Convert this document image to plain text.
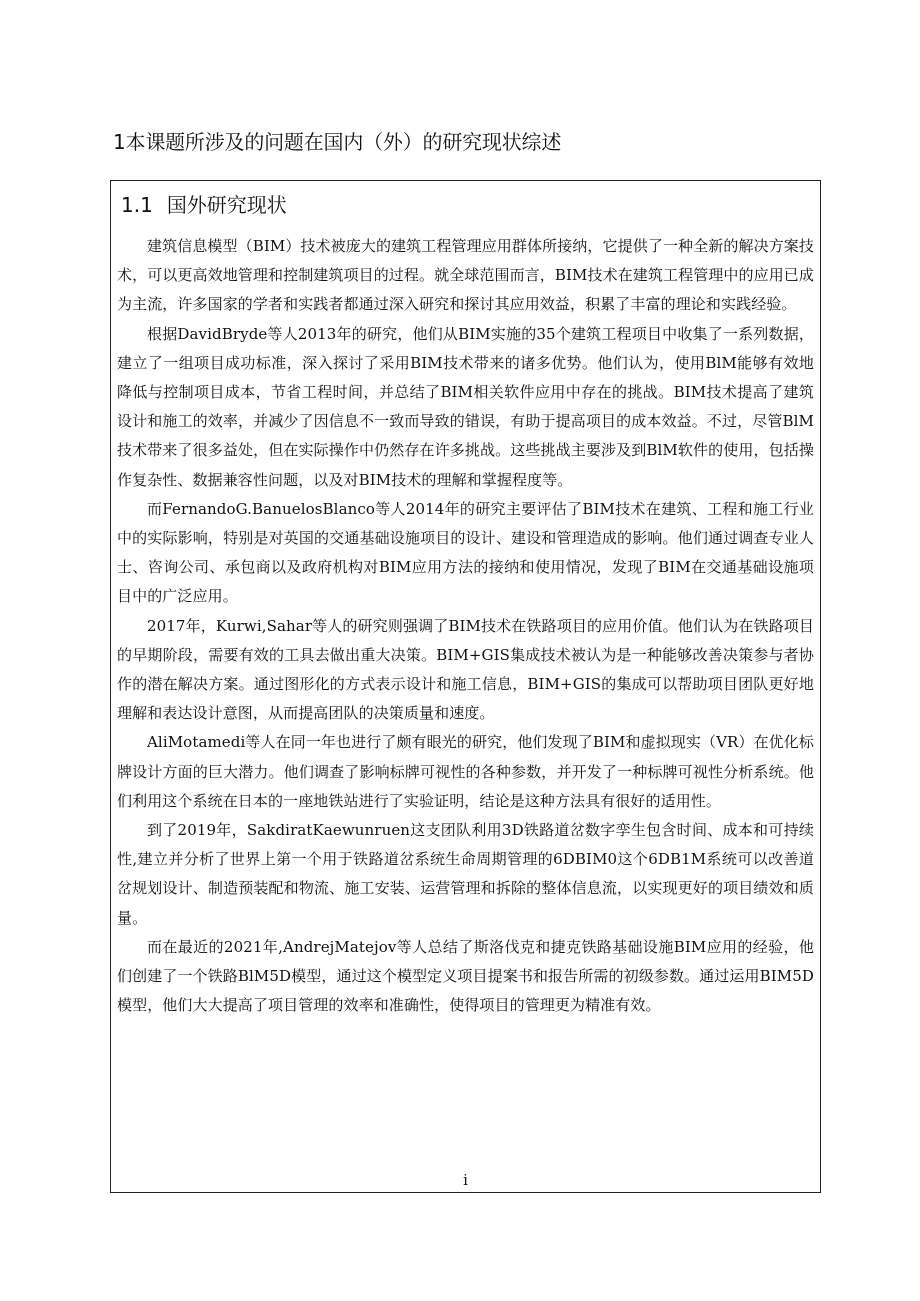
1本课题所涉及的问题在国内（外）的研究现状综述
1.1 国外研究现状

建筑信息模型（BIM）技术被庞大的建筑工程管理应用群体所接纳，它提供了一种全新的解决方案技术，可以更高效地管理和控制建筑项目的过程。就全球范围而言，BIM技术在建筑工程管理中的应用已成为主流，许多国家的学者和实践者都通过深入研究和探讨其应用效益，积累了丰富的理论和实践经验。

根据DavidBryde等人2013年的研究，他们从BIM实施的35个建筑工程项目中收集了一系列数据，建立了一组项目成功标准，深入探讨了采用BIM技术带来的诸多优势。他们认为，使用BlM能够有效地降低与控制项目成本，节省工程时间，并总结了BIM相关软件应用中存在的挑战。BIM技术提高了建筑设计和施工的效率，并减少了因信息不一致而导致的错误，有助于提高项目的成本效益。不过，尽管BlM技术带来了很多益处，但在实际操作中仍然存在许多挑战。这些挑战主要涉及到BlM软件的使用，包括操作复杂性、数据兼容性问题，以及对BIM技术的理解和掌握程度等。

而FernandoG.BanuelosBlanco等人2014年的研究主要评估了BIM技术在建筑、工程和施工行业中的实际影响，特别是对英国的交通基础设施项目的设计、建设和管理造成的影响。他们通过调查专业人士、咨询公司、承包商以及政府机构对BIM应用方法的接纳和使用情况，发现了BIM在交通基础设施项目中的广泛应用。

2017年，Kurwi,Sahar等人的研究则强调了BIM技术在铁路项目的应用价值。他们认为在铁路项目的早期阶段，需要有效的工具去做出重大决策。BIM+GIS集成技术被认为是一种能够改善决策参与者协作的潜在解决方案。通过图形化的方式表示设计和施工信息，BIM+GIS的集成可以帮助项目团队更好地理解和表达设计意图，从而提高团队的决策质量和速度。

AliMotamedi等人在同一年也进行了颇有眼光的研究，他们发现了BIM和虚拟现实（VR）在优化标牌设计方面的巨大潜力。他们调查了影响标牌可视性的各种参数，并开发了一种标牌可视性分析系统。他们利用这个系统在日本的一座地铁站进行了实验证明，结论是这种方法具有很好的适用性。

到了2019年，SakdiratKaewunruen这支团队利用3D铁路道岔数字孪生包含时间、成本和可持续性,建立并分析了世界上第一个用于铁路道岔系统生命周期管理的6DBIM0这个6DB1M系统可以改善道岔规划设计、制造预装配和物流、施工安装、运营管理和拆除的整体信息流，以实现更好的项目绩效和质量。

而在最近的2021年,AndrejMatejov等人总结了斯洛伐克和捷克铁路基础设施BIM应用的经验，他们创建了一个铁路BlM5D模型，通过这个模型定义项目提案书和报告所需的初级参数。通过运用BIM5D模型，他们大大提高了项目管理的效率和准确性，使得项目的管理更为精准有效。

i
